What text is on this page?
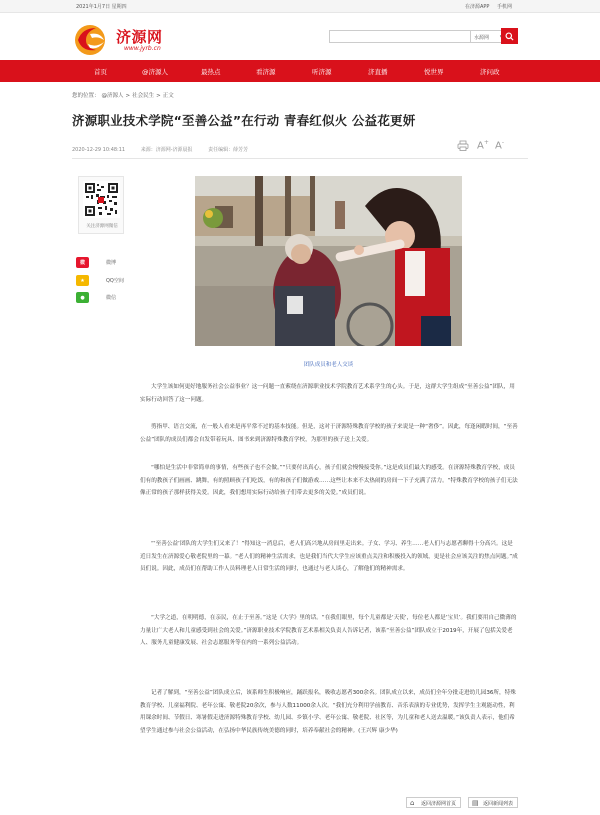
2021年1月7日 星期四	在济源APP 手机网
济源网
www.jyrb.cn
水源网
首页	@济源人	最热点	看济源	听济源	济直播	悦世界	济问政
您的位置： @济源人 > 社会民生 > 正文
济源职业技术学院“至善公益”在行动 青春红似火 公益花更妍
2020-12-29 10:48:11	来源：济源网-济源晨报	责任编辑：薛芳芳	A+ A-
关注济源网微信
微	微博
★	QQ空间
●	微信
团队成员和老人交谈

大学生该如何更好地服务社会公益事业？这一问题一直萦绕在济源职业技术学院教育艺术系学生的心头。于是，这群大学生组成“至善公益”团队，用实际行动回答了这一问题。

剪指甲、语言交流，在一般人看来是再平常不过的基本技能。但是，这对于济源特殊教育学校的孩子来说是一种“奢侈”。因此，每逢闲暇时间，“至善公益”团队的成员们都会自发带着玩具、图书来到济源特殊教育学校，为那里的孩子送上关爱。

“哪怕是生活中非常简单的事情，有些孩子也不会做。”“只要付出真心，孩子们就会慢慢接受你。”这是成员们最大的感受。在济源特殊教育学校，成员们有的教孩子们画画、跳舞，有的照顾孩子们吃饭，有的和孩子们做游戏……这些让本来不太热闹的房间一下子充满了活力。“特殊教育学校的孩子们无法像正常的孩子那样获得关爱。因此，我们想用实际行动给孩子们带去更多的关爱。”成员们说。

“‘至善公益’团队的大学生们又来了！”得知这一消息后，老人们高兴地从房间里走出来。子女、学习、养生……老人们与志愿者聊得十分高兴。这是近日发生在济源爱心敬老院里的一幕。“老人们的精神生活需求，也是我们当代大学生应该重点关注和积极投入的领域，更是社会应该关注的焦点问题。”成员们说。因此，成员们在帮助工作人员料理老人日常生活的同时，也通过与老人谈心，了解他们的精神需求。

“大学之道，在明明德，在亲民，在止于至善。”这是《大学》里的话。“在我们眼里，每个儿童都是‘天使’，每位老人都是‘宝贝’。我们要用自己微薄的力量让广大老人和儿童感受到社会的关爱。”济源职业技术学院教育艺术系相关负责人告诉记者，该系“至善公益”团队成立于2019年，开展了包括关爱老人、服务儿童健康发展、社会志愿服务等在内的一系列公益活动。

记者了解到，“至善公益”团队成立后，该系师生积极响应，踊跃报名，吸收志愿者300余名。团队成立以来，成员们全年分批走进幼儿园36所，特殊教育学校、儿童福利院、老年公寓、敬老院20余次，参与人数11000余人次。“我们充分利用学前教育、音乐表演的专业优势，发挥学生主观能动性，利用课余时间、节假日、寒暑假走进济源特殊教育学校、幼儿园、乡镇小学、老年公寓、敬老院、社区等，为儿童和老人送去温暖。”该负责人表示，他们希望学生通过参与社会公益活动，在弘扬中华民族传统美德的同时，培养奉献社会的精神。(王兴辉 康少华)

⌂ 返回济源网首页	▤ 返回新闻列表
